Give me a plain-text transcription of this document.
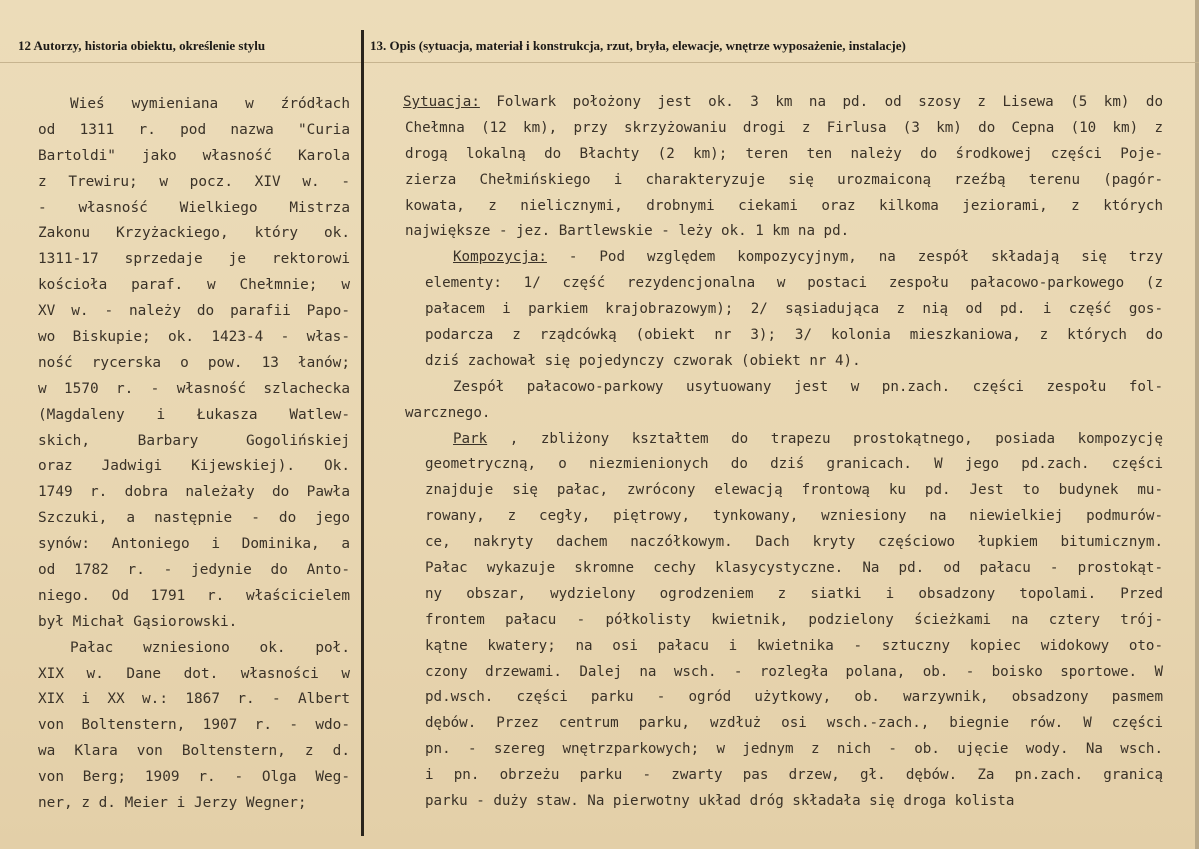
12 Autorzy, historia obiektu, określenie stylu	13. Opis (sytuacja, materiał i konstrukcja, rzut, bryła, elewacje, wnętrze wyposażenie, instalacje)
Wieś wymieniana w źródłach
od 1311 r. pod nazwa "Curia
Bartoldi" jako własność Karola
z Trewiru; w pocz. XIV w. -
- własność Wielkiego Mistrza
Zakonu Krzyżackiego, który ok.
1311-17 sprzedaje je rektorowi
kościoła paraf. w Chełmnie; w
XV w. - należy do parafii Papo-
wo Biskupie; ok. 1423-4 - włas-
ność rycerska o pow. 13 łanów;
w 1570 r. - własność szlachecka
(Magdaleny i Łukasza Watlew-
skich, Barbary Gogolińskiej
oraz Jadwigi Kijewskiej). Ok.
1749 r. dobra należały do Pawła
Szczuki, a następnie - do jego
synów: Antoniego i Dominika, a
od 1782 r. - jedynie do Anto-
niego. Od 1791 r. właścicielem
był Michał Gąsiorowski.
Pałac wzniesiono ok. poł.
XIX w. Dane dot. własności w
XIX i XX w.: 1867 r. - Albert
von Boltenstern, 1907 r. - wdo-
wa Klara von Boltenstern, z d.
von Berg; 1909 r. - Olga Weg-
ner, z d. Meier i Jerzy Wegner;
Sytuacja: Folwark położony jest ok. 3 km na pd. od szosy z Lisewa (5 km) do
Chełmna (12 km), przy skrzyżowaniu drogi z Firlusa (3 km) do Cepna (10 km) z
drogą lokalną do Błachty (2 km); teren ten należy do środkowej części Poje-
zierza Chełmińskiego i charakteryzuje się urozmaiconą rzeźbą terenu (pagór-
kowata, z nielicznymi, drobnymi ciekami oraz kilkoma jeziorami, z których
największe - jez. Bartlewskie - leży ok. 1 km na pd.
Kompozycja: - Pod względem kompozycyjnym, na zespół składają się trzy
elementy: 1/ część rezydencjonalna w postaci zespołu pałacowo-parkowego (z
pałacem i parkiem krajobrazowym); 2/ sąsiadująca z nią od pd. i część gos-
podarcza z rządcówką (obiekt nr 3); 3/ kolonia mieszkaniowa, z których do
dziś zachował się pojedynczy czworak (obiekt nr 4).
Zespół pałacowo-parkowy usytuowany jest w pn.zach. części zespołu fol-
warcznego.
Park , zbliżony kształtem do trapezu prostokątnego, posiada kompozycję
geometryczną, o niezmienionych do dziś granicach. W jego pd.zach. części
znajduje się pałac, zwrócony elewacją frontową ku pd. Jest to budynek mu-
rowany, z cegły, piętrowy, tynkowany, wzniesiony na niewielkiej podmurów-
ce, nakryty dachem naczółkowym. Dach kryty częściowo łupkiem bitumicznym.
Pałac wykazuje skromne cechy klasycystyczne. Na pd. od pałacu - prostokąt-
ny obszar, wydzielony ogrodzeniem z siatki i obsadzony topolami. Przed
frontem pałacu - półkolisty kwietnik, podzielony ścieżkami na cztery trój-
kątne kwatery; na osi pałacu i kwietnika - sztuczny kopiec widokowy oto-
czony drzewami. Dalej na wsch. - rozległa polana, ob. - boisko sportowe. W
pd.wsch. części parku - ogród użytkowy, ob. warzywnik, obsadzony pasmem
dębów. Przez centrum parku, wzdłuż osi wsch.-zach., biegnie rów. W części
pn. - szereg wnętrzparkowych; w jednym z nich - ob. ujęcie wody. Na wsch.
i pn. obrzeżu parku - zwarty pas drzew, gł. dębów. Za pn.zach. granicą
parku - duży staw. Na pierwotny układ dróg składała się droga kolista
